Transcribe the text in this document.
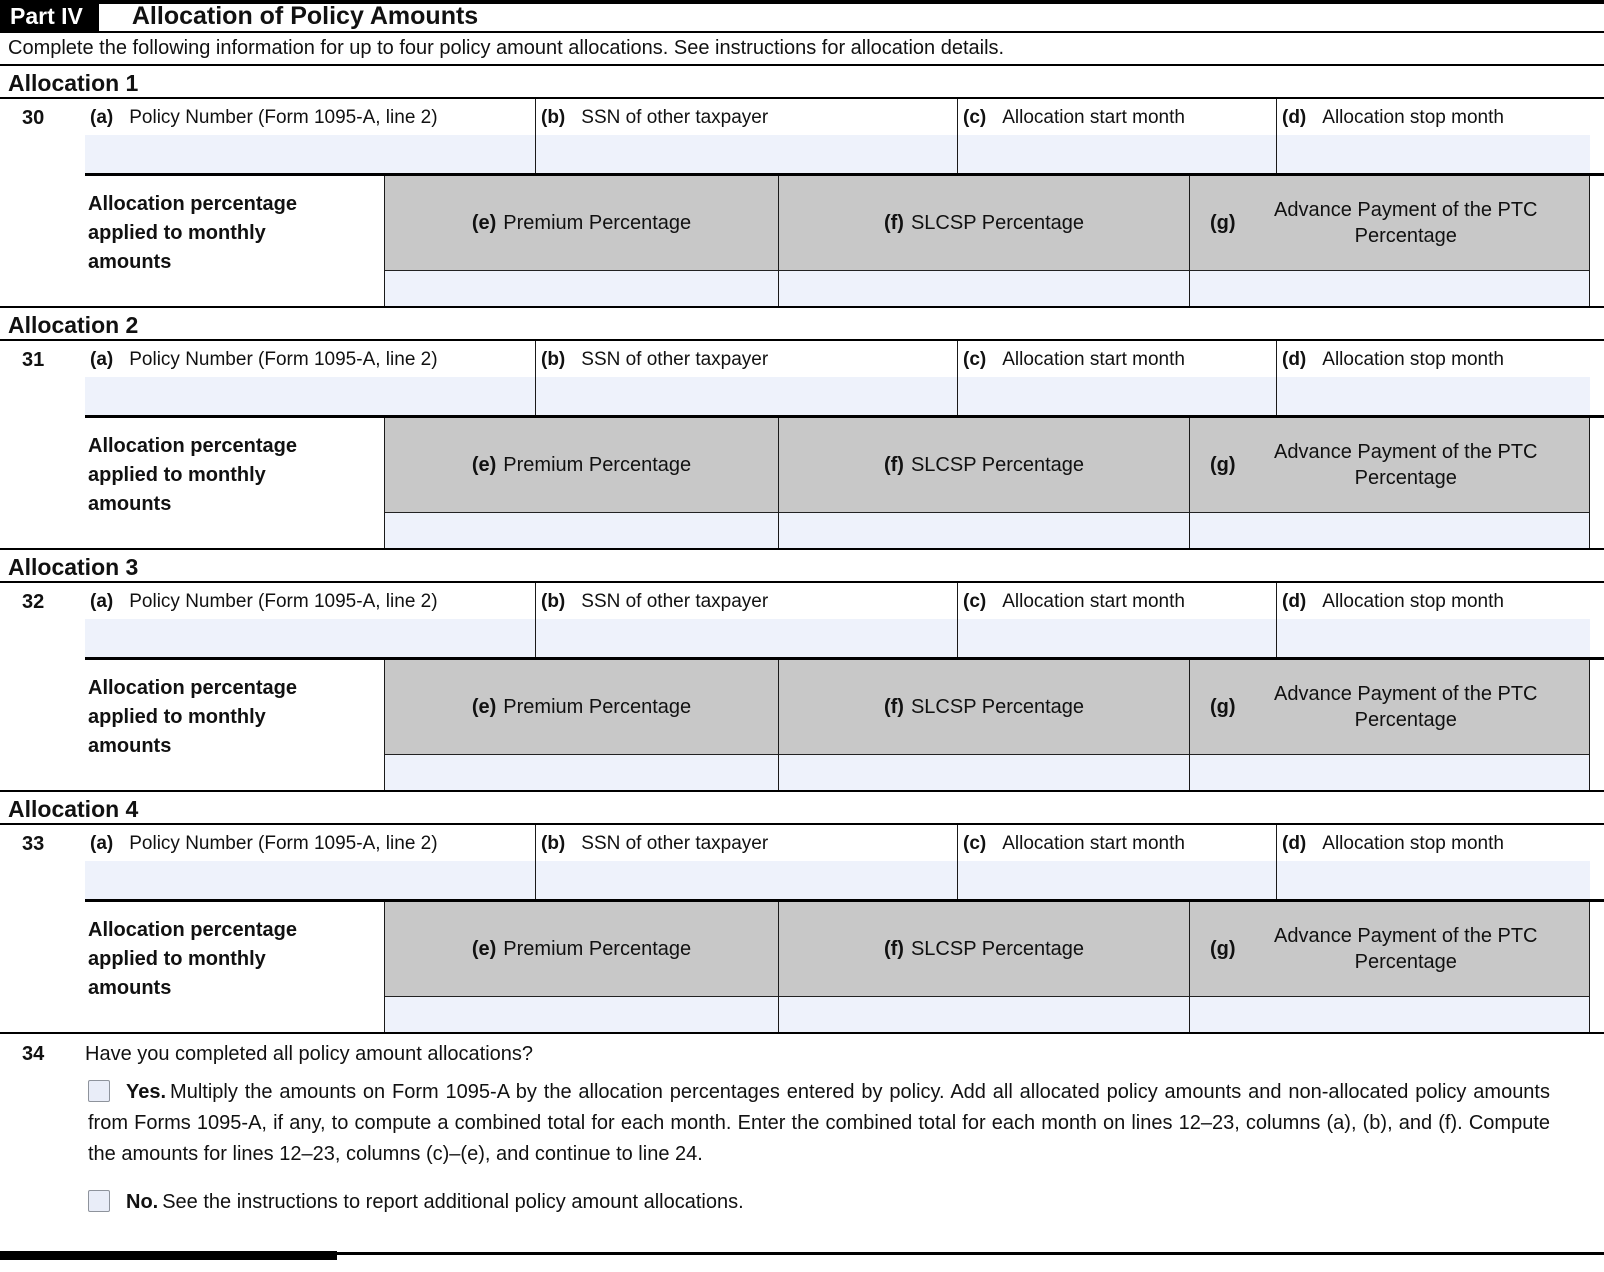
Part IV	Allocation of Policy Amounts
Complete the following information for up to four policy amount allocations. See instructions for allocation details.
Allocation 1
30 (a) Policy Number (Form 1095-A, line 2)	(b) SSN of other taxpayer	(c) Allocation start month	(d) Allocation stop month
Allocation percentage applied to monthly amounts
(e) Premium Percentage	(f) SLCSP Percentage	(g)
Advance Payment of the PTC Percentage
Allocation 2
31 (a) Policy Number (Form 1095-A, line 2)	(b) SSN of other taxpayer	(c) Allocation start month	(d) Allocation stop month
Allocation percentage applied to monthly amounts
(e) Premium Percentage	(f) SLCSP Percentage	(g)
Advance Payment of the PTC Percentage
Allocation 3
32 (a) Policy Number (Form 1095-A, line 2)	(b) SSN of other taxpayer	(c) Allocation start month	(d) Allocation stop month
Allocation percentage applied to monthly amounts
(e) Premium Percentage	(f) SLCSP Percentage	(g)
Advance Payment of the PTC Percentage
Allocation 4
33 (a) Policy Number (Form 1095-A, line 2)	(b) SSN of other taxpayer	(c) Allocation start month	(d) Allocation stop month
Allocation percentage applied to monthly amounts
(e) Premium Percentage	(f) SLCSP Percentage	(g)
Advance Payment of the PTC Percentage
34	Have you completed all policy amount allocations?
Yes. Multiply the amounts on Form 1095-A by the allocation percentages entered by policy. Add all allocated policy amounts and non-allocated policy amounts from Forms 1095-A, if any, to compute a combined total for each month. Enter the combined total for each month on lines 12–23, columns (a), (b), and (f). Compute the amounts for lines 12–23, columns (c)–(e), and continue to line 24.
No. See the instructions to report additional policy amount allocations.
